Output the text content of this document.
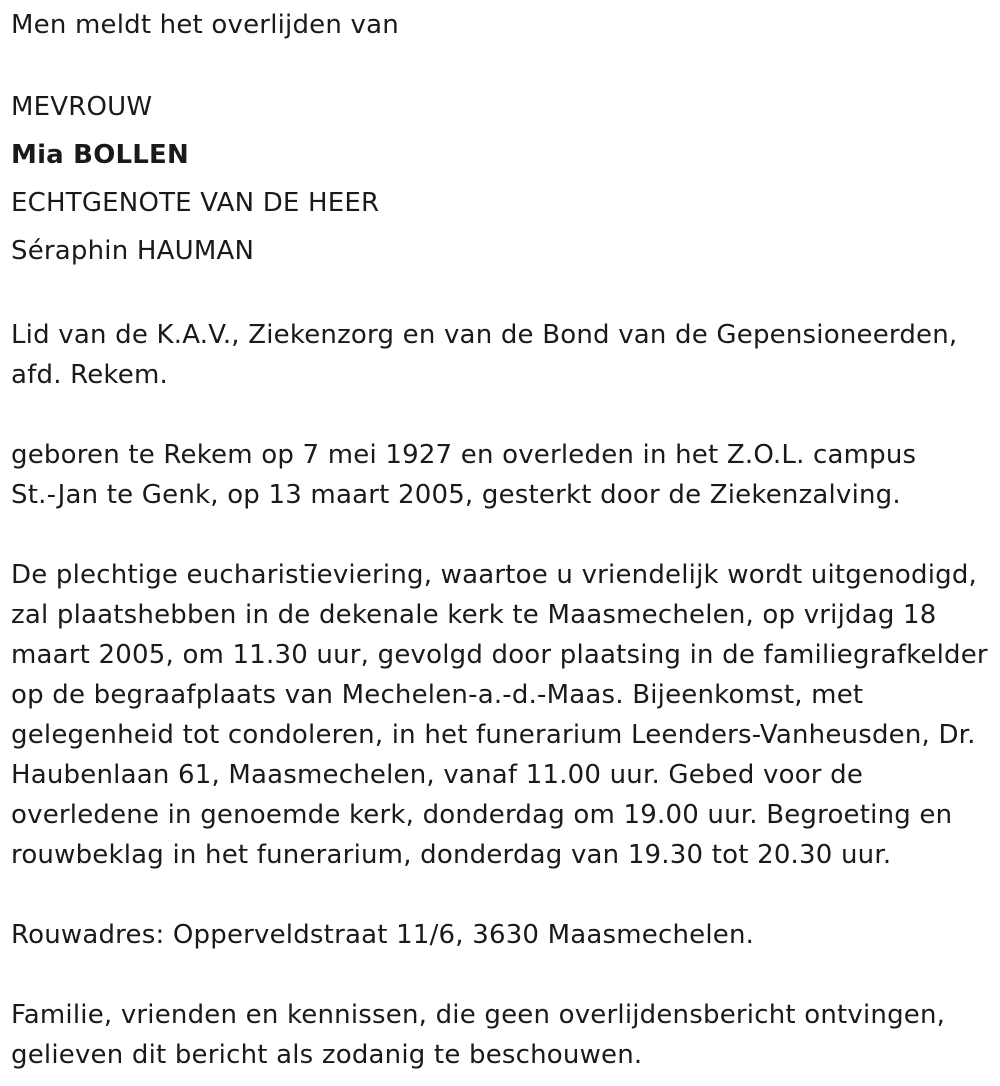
Men meldt het overlijden van
MEVROUW
Mia BOLLEN
ECHTGENOTE VAN DE HEER
Séraphin HAUMAN
Lid van de K.A.V., Ziekenzorg en van de Bond van de Gepensioneerden,
afd. Rekem.
geboren te Rekem op 7 mei 1927 en overleden in het Z.O.L. campus
St.-Jan te Genk, op 13 maart 2005, gesterkt door de Ziekenzalving.
De plechtige eucharistieviering, waartoe u vriendelijk wordt uitgenodigd,
zal plaatshebben in de dekenale kerk te Maasmechelen, op vrijdag 18
maart 2005, om 11.30 uur, gevolgd door plaatsing in de familiegrafkelder
op de begraafplaats van Mechelen-a.-d.-Maas. Bijeenkomst, met
gelegenheid tot condoleren, in het funerarium Leenders-Vanheusden, Dr.
Haubenlaan 61, Maasmechelen, vanaf 11.00 uur. Gebed voor de
overledene in genoemde kerk, donderdag om 19.00 uur. Begroeting en
rouwbeklag in het funerarium, donderdag van 19.30 tot 20.30 uur.
Rouwadres: Opperveldstraat 11/6, 3630 Maasmechelen.
Familie, vrienden en kennissen, die geen overlijdensbericht ontvingen,
gelieven dit bericht als zodanig te beschouwen.
